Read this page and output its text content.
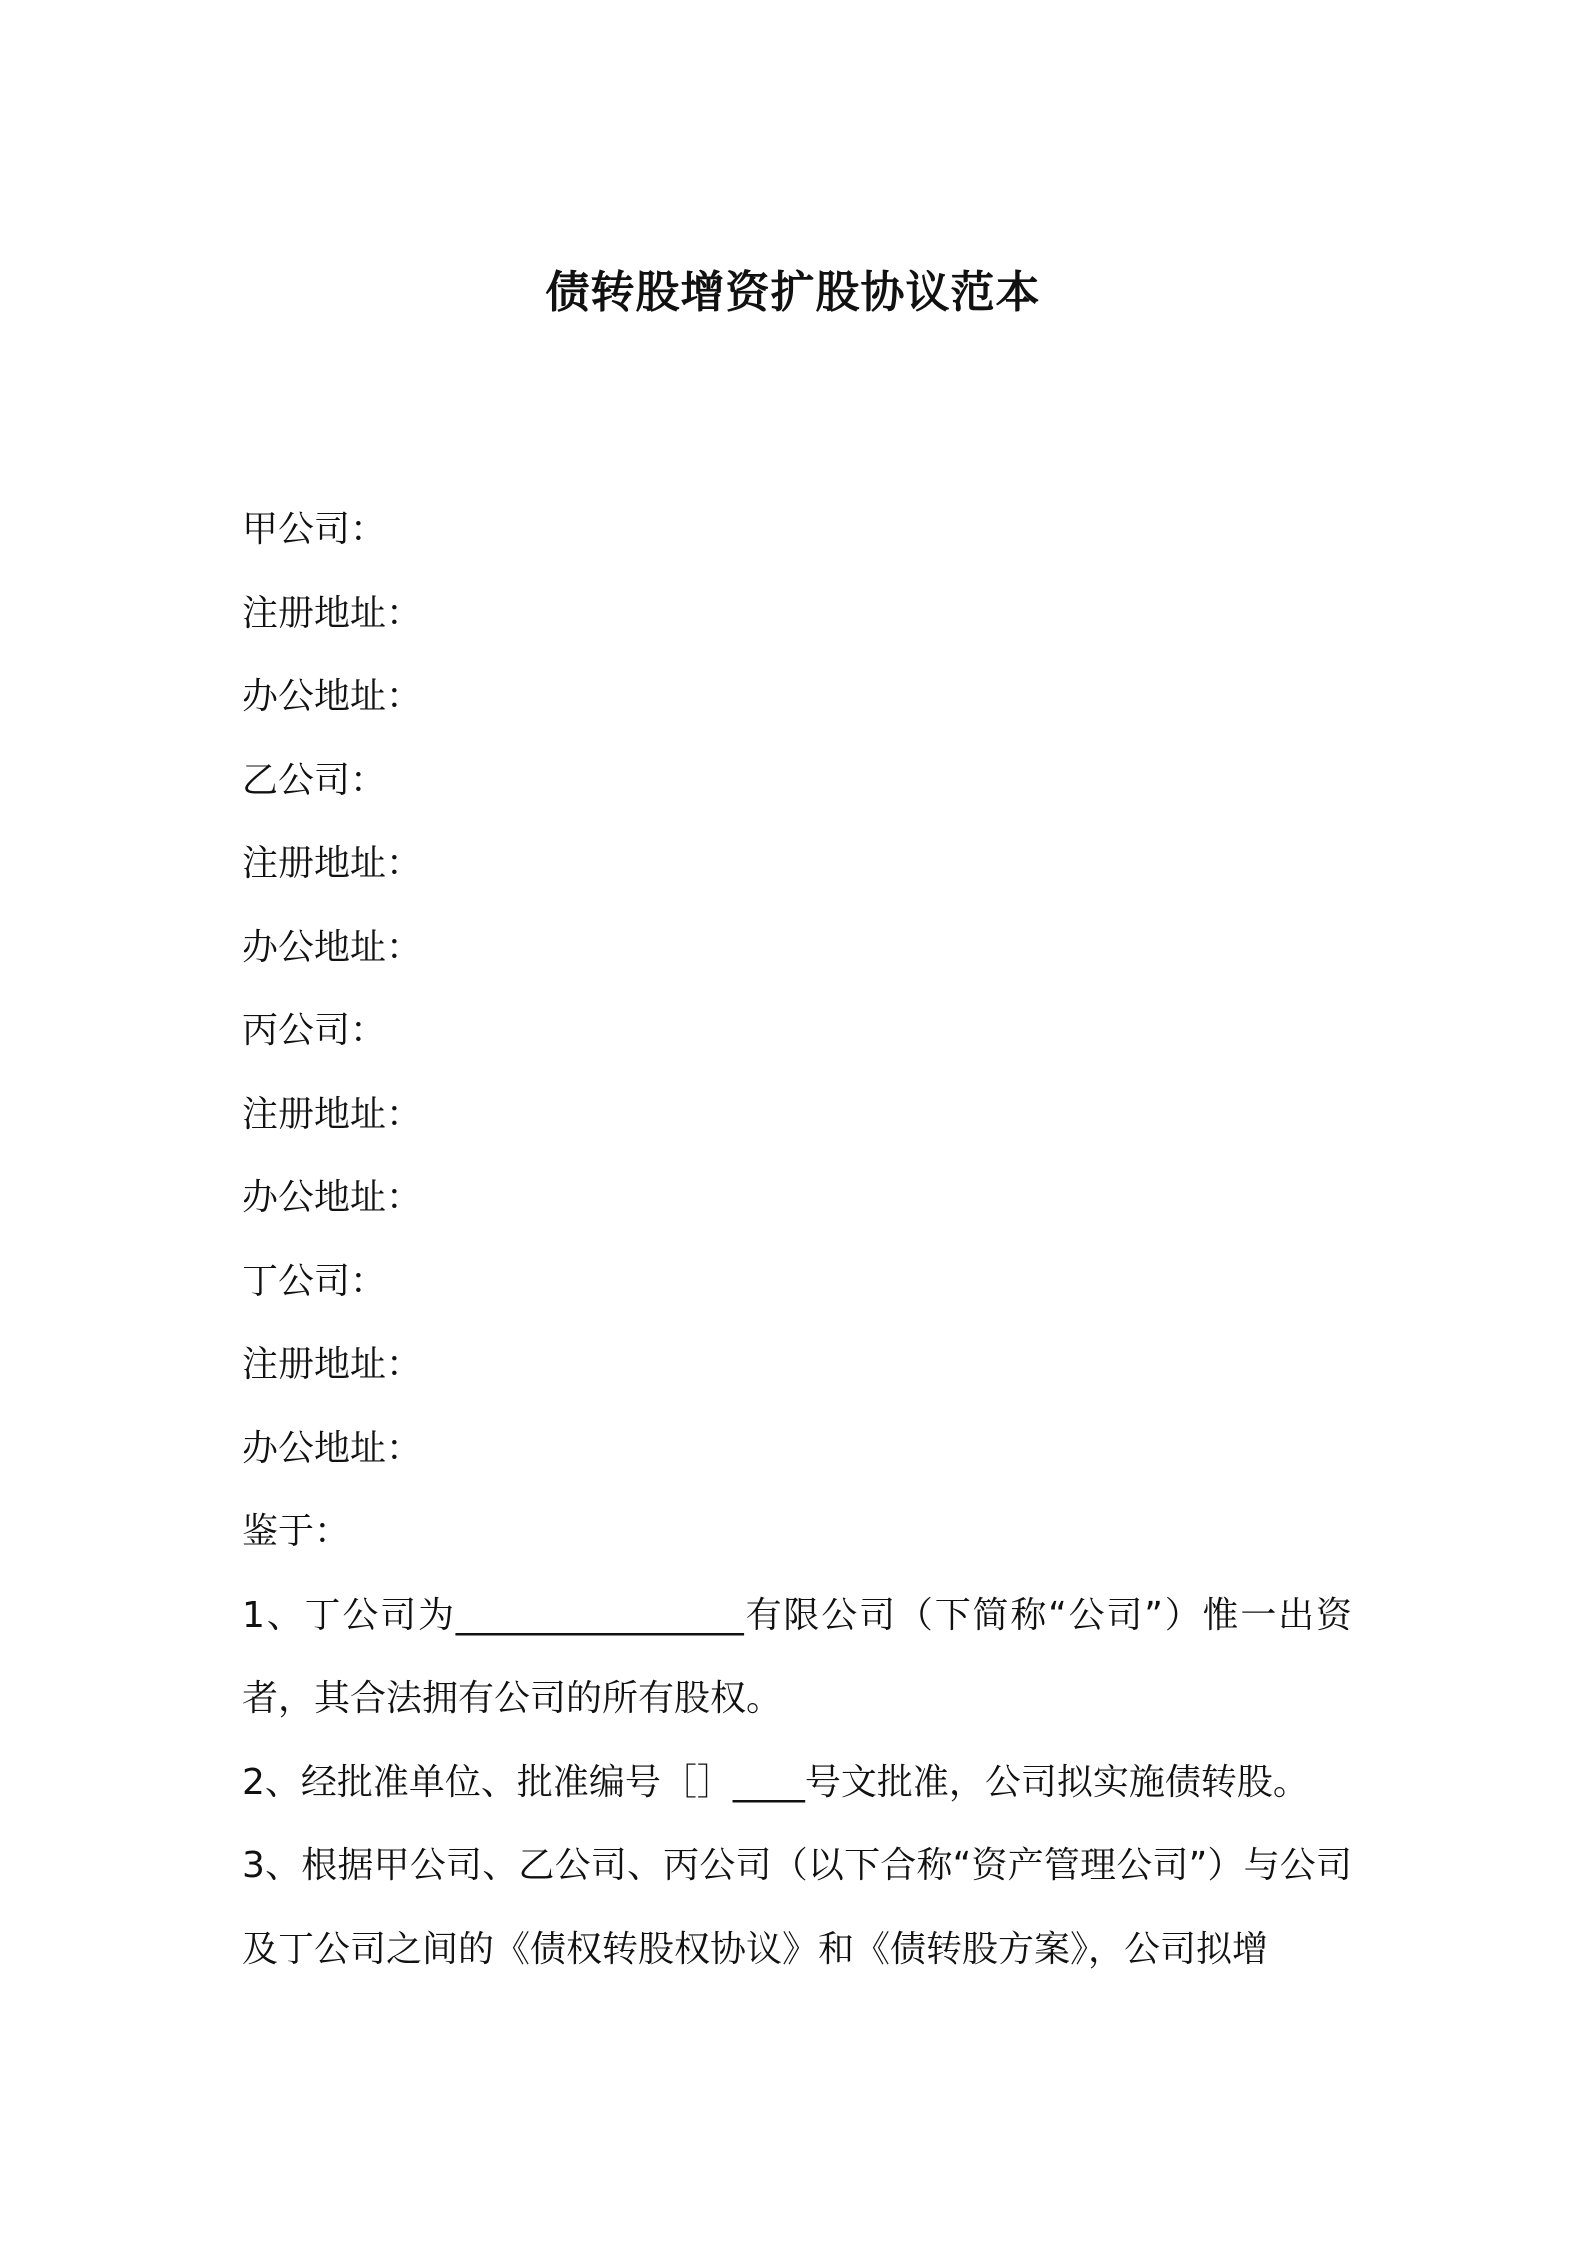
债转股增资扩股协议范本
甲公司：
注册地址：
办公地址：
乙公司：
注册地址：
办公地址：
丙公司：
注册地址：
办公地址：
丁公司：
注册地址：
办公地址：
鉴于：
1、丁公司为________________有限公司（下简称“公司”）惟一出资者，其合法拥有公司的所有股权。
2、经批准单位、批准编号［］____号文批准，公司拟实施债转股。
3、根据甲公司、乙公司、丙公司（以下合称“资产管理公司”）与公司及丁公司之间的《债权转股权协议》和《债转股方案》，公司拟增
